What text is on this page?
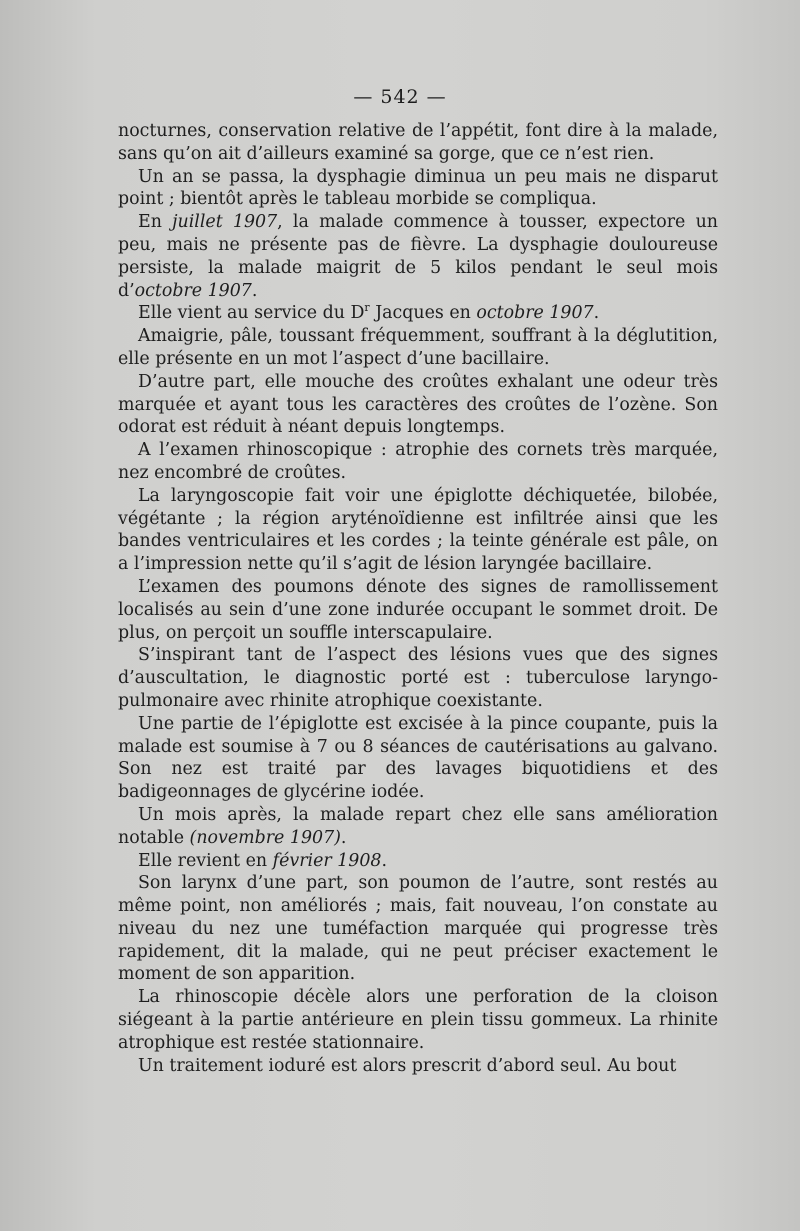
— 542 —

nocturnes, conservation relative de l’appétit, font dire à la malade, sans qu’on ait d’ailleurs examiné sa gorge, que ce n’est rien.

Un an se passa, la dysphagie diminua un peu mais ne disparut point ; bientôt après le tableau morbide se compliqua.

En juillet 1907, la malade commence à tousser, expectore un peu, mais ne présente pas de fièvre. La dysphagie douloureuse persiste, la malade maigrit de 5 kilos pendant le seul mois d’octobre 1907.

Elle vient au service du $D^r$ Jacques en octobre 1907.

Amaigrie, pâle, toussant fréquemment, souffrant à la déglutition, elle présente en un mot l’aspect d’une bacillaire.

D’autre part, elle mouche des croûtes exhalant une odeur très marquée et ayant tous les caractères des croûtes de l’ozène. Son odorat est réduit à néant depuis longtemps.

A l’examen rhinoscopique : atrophie des cornets très marquée, nez encombré de croûtes.

La laryngoscopie fait voir une épiglotte déchiquetée, bilobée, végétante ; la région aryténoïdienne est infiltrée ainsi que les bandes ventriculaires et les cordes ; la teinte générale est pâle, on a l’impression nette qu’il s’agit de lésion laryngée bacillaire.

L’examen des poumons dénote des signes de ramollissement localisés au sein d’une zone indurée occupant le sommet droit. De plus, on perçoit un souffle interscapulaire.

S’inspirant tant de l’aspect des lésions vues que des signes d’auscultation, le diagnostic porté est : tuberculose laryngo-pulmonaire avec rhinite atrophique coexistante.

Une partie de l’épiglotte est excisée à la pince coupante, puis la malade est soumise à 7 ou 8 séances de cautérisations au galvano. Son nez est traité par des lavages biquotidiens et des badigeonnages de glycérine iodée.

Un mois après, la malade repart chez elle sans amélioration notable (novembre 1907).

Elle revient en février 1908.

Son larynx d’une part, son poumon de l’autre, sont restés au même point, non améliorés ; mais, fait nouveau, l’on constate au niveau du nez une tuméfaction marquée qui progresse très rapidement, dit la malade, qui ne peut préciser exactement le moment de son apparition.

La rhinoscopie décèle alors une perforation de la cloison siégeant à la partie antérieure en plein tissu gommeux. La rhinite atrophique est restée stationnaire.

Un traitement ioduré est alors prescrit d’abord seul. Au bout
